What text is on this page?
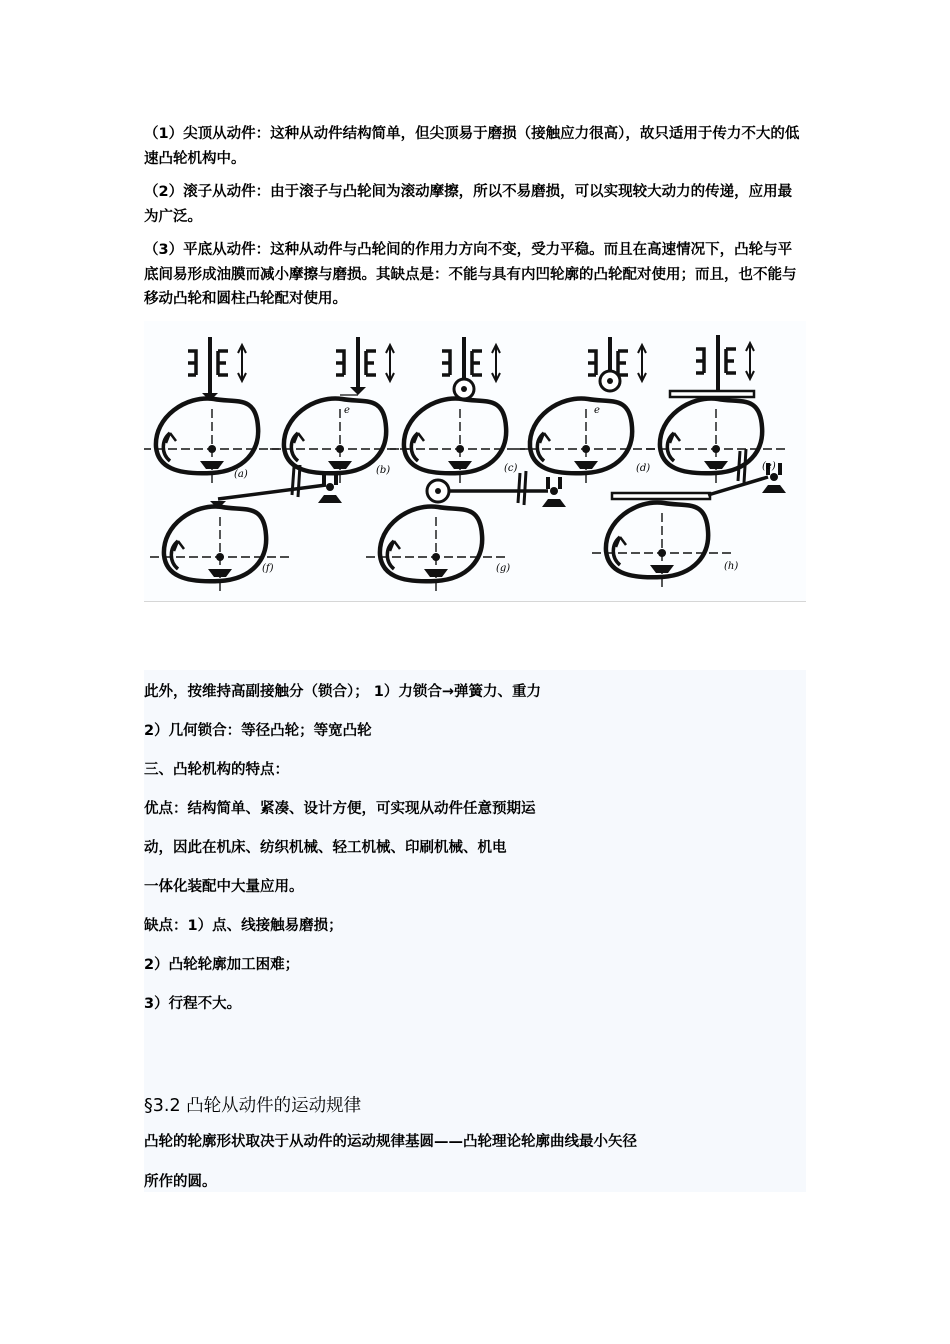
（1）尖顶从动件：这种从动件结构简单，但尖顶易于磨损（接触应力很高），故只适用于传力不大的低速凸轮机构中。

（2）滚子从动件：由于滚子与凸轮间为滚动摩擦，所以不易磨损，可以实现较大动力的传递，应用最为广泛。

（3）平底从动件：这种从动件与凸轮间的作用力方向不变，受力平稳。而且在高速情况下，凸轮与平底间易形成油膜而减小摩擦与磨损。其缺点是：不能与具有内凹轮廓的凸轮配对使用；而且，也不能与移动凸轮和圆柱凸轮配对使用。

e	e
(a)	(b)	(c)	(d)	(e)
(f)	(g)	(h)
此外，按维持高副接触分（锁合）； 1）力锁合→弹簧力、重力
2）几何锁合：等径凸轮；等宽凸轮
三、凸轮机构的特点：
优点：结构简单、紧凑、设计方便，可实现从动件任意预期运
动，因此在机床、纺织机械、轻工机械、印刷机械、机电
一体化装配中大量应用。
缺点：1）点、线接触易磨损；
2）凸轮轮廓加工困难；
3）行程不大。
§3.2 凸轮从动件的运动规律
凸轮的轮廓形状取决于从动件的运动规律基圆——凸轮理论轮廓曲线最小矢径
所作的圆。
